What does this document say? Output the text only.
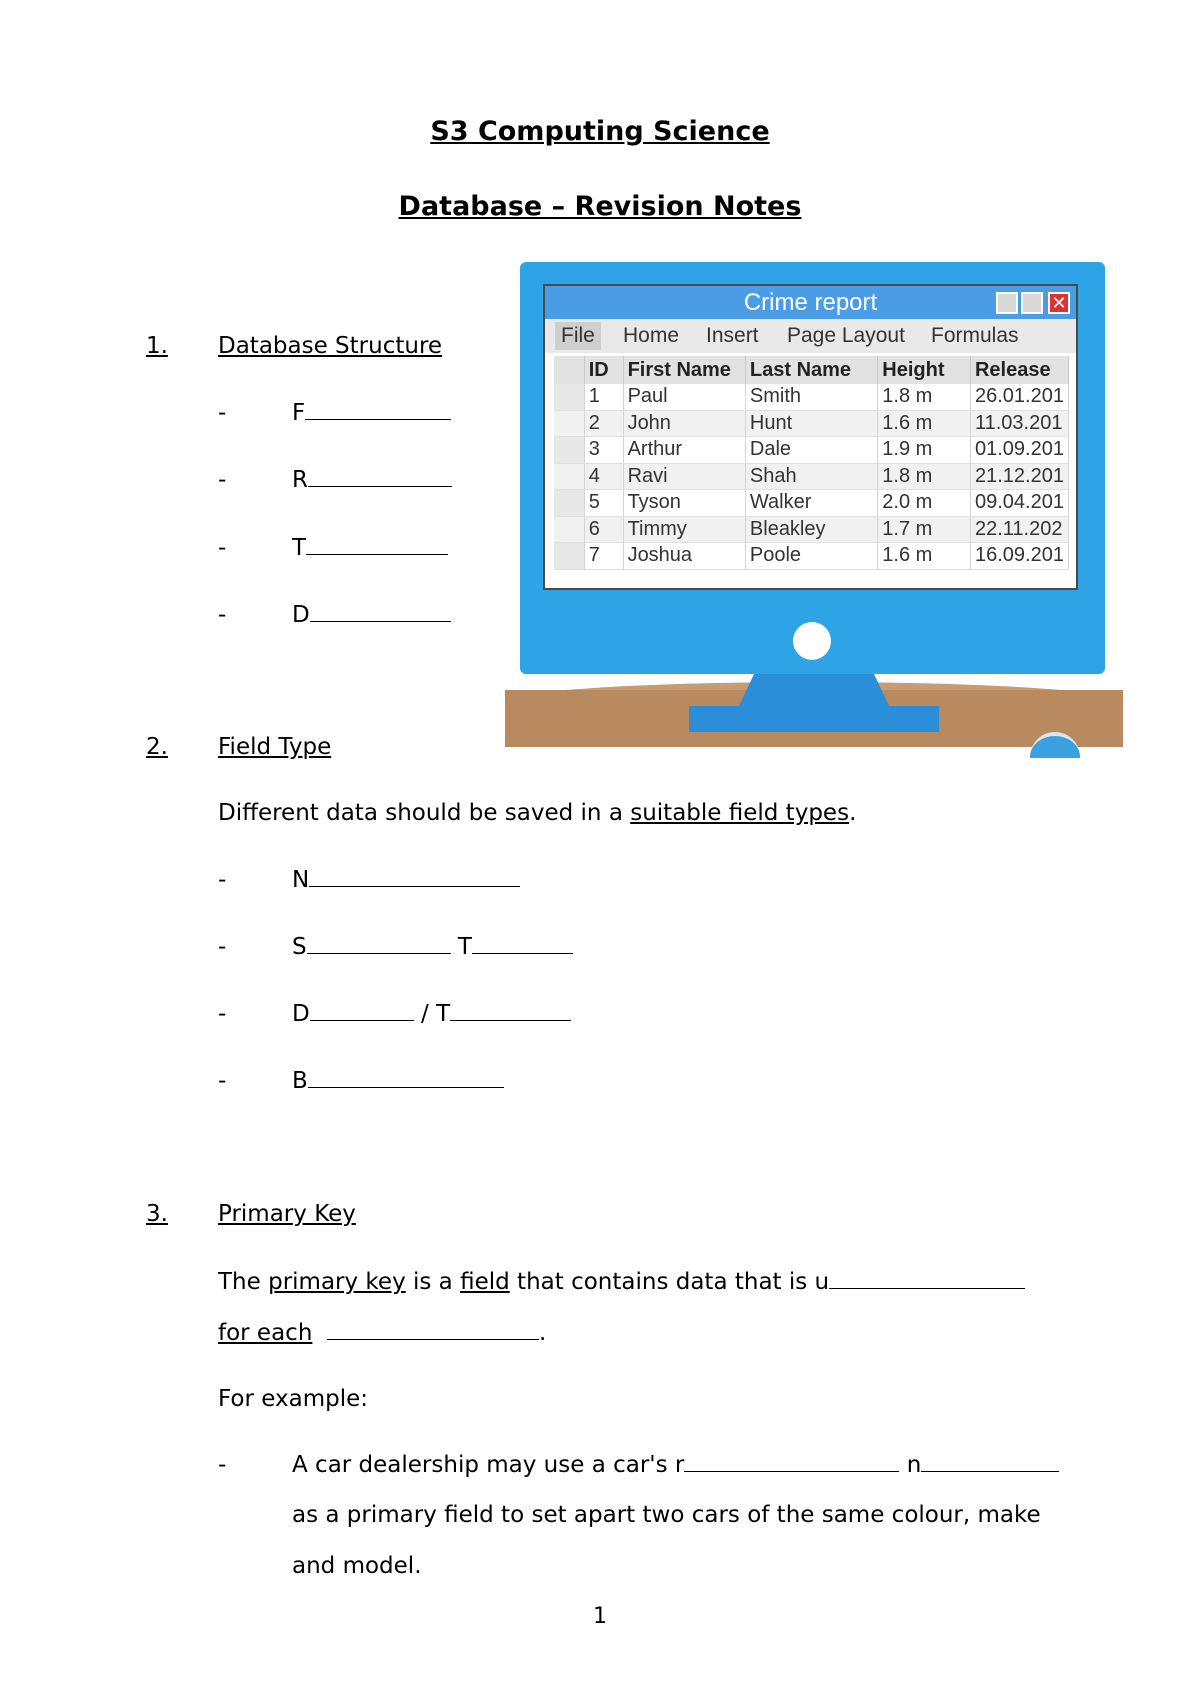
S3 Computing Science
Database – Revision Notes
1.	Database Structure
-	F
-	R
-	T
-	D
Crime report	✕
File Home Insert Page Layout Formulas
	ID	First Name	Last Name	Height	Release
	1	Paul	Smith	1.8 m	26.01.201
	2	John	Hunt	1.6 m	11.03.201
	3	Arthur	Dale	1.9 m	01.09.201
	4	Ravi	Shah	1.8 m	21.12.201
	5	Tyson	Walker	2.0 m	09.04.201
	6	Timmy	Bleakley	1.7 m	22.11.202
	7	Joshua	Poole	1.6 m	16.09.201
2.	Field Type
Different data should be saved in a suitable field types.
-	N
-	S	T
-	D	/ T
-	B
3.	Primary Key
The primary key is a field that contains data that is u
for each	.
For example:
-	A car dealership may use a car's r	n
as a primary field to set apart two cars of the same colour, make
and model.
1
